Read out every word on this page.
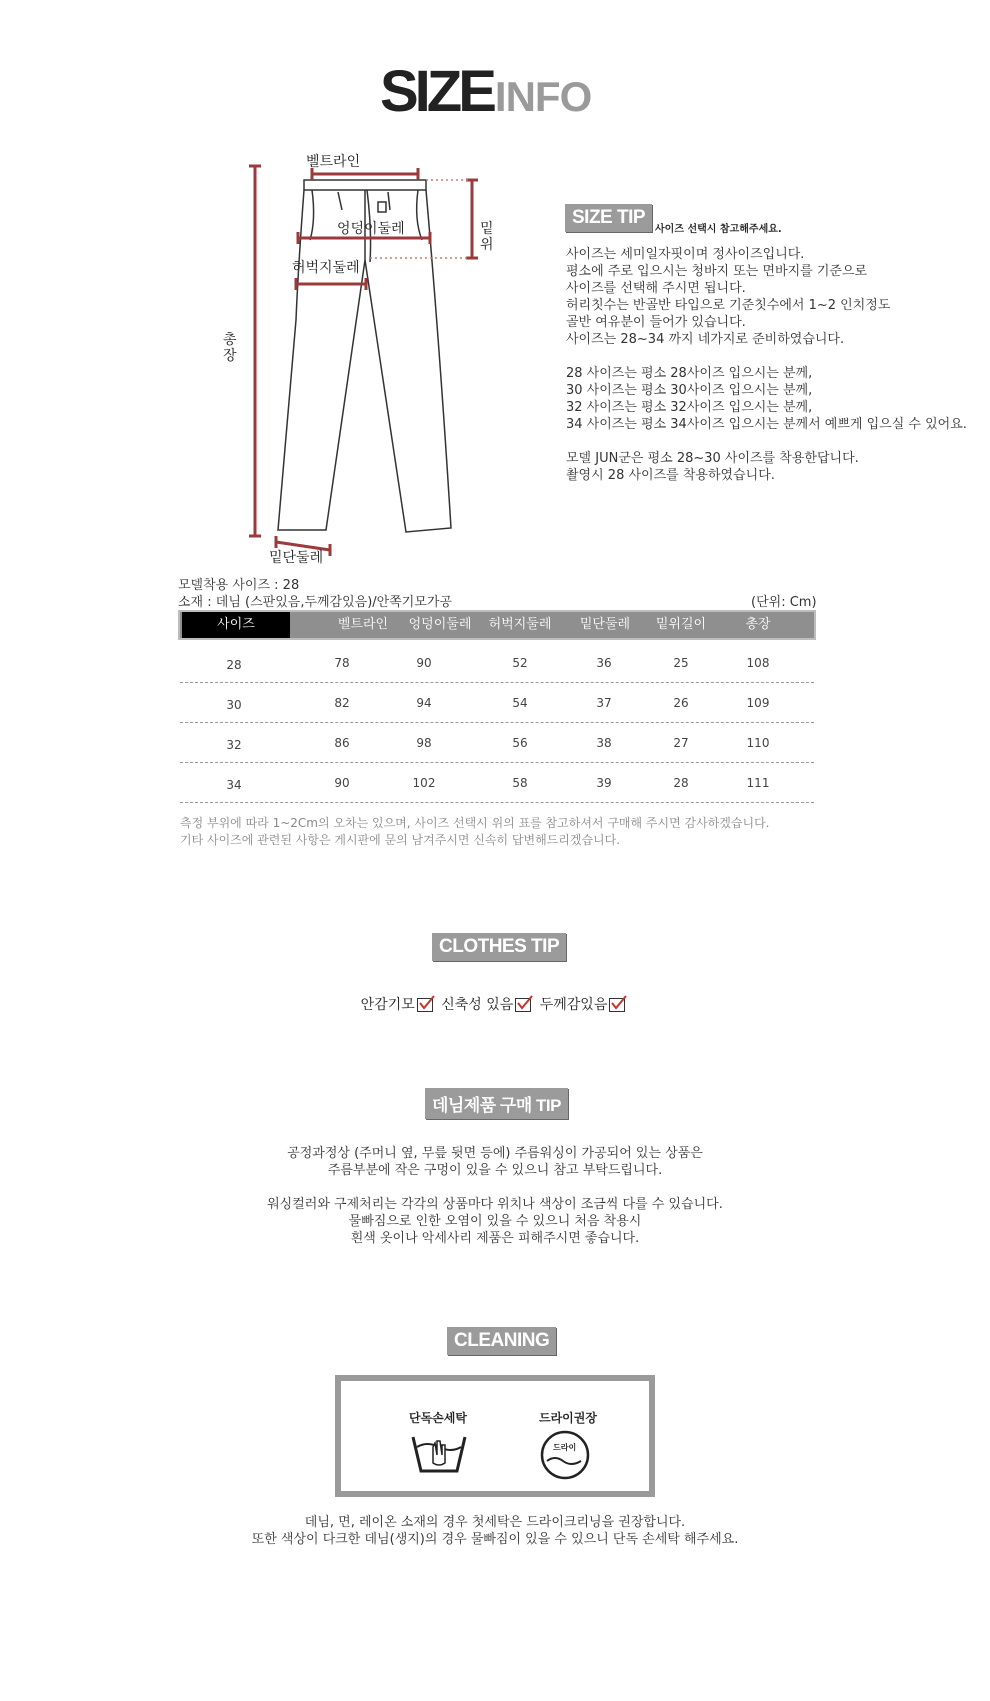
SIZEINFO
벨트라인
엉덩이둘레
허벅지둘레
밑
위
총
장
밑단둘레
SIZE TIP
사이즈 선택시 참고해주세요.
사이즈는 세미일자핏이며 정사이즈입니다.
평소에 주로 입으시는 청바지 또는 면바지를 기준으로
사이즈를 선택해 주시면 됩니다.
허리칫수는 반골반 타입으로 기준칫수에서 1~2 인치정도
골반 여유분이 들어가 있습니다.
사이즈는 28~34 까지 네가지로 준비하였습니다.

28 사이즈는 평소 28사이즈 입으시는 분께,
30 사이즈는 평소 30사이즈 입으시는 분께,
32 사이즈는 평소 32사이즈 입으시는 분께,
34 사이즈는 평소 34사이즈 입으시는 분께서 예쁘게 입으실 수 있어요.

모델 JUN군은 평소 28~30 사이즈를 착용한답니다.
촬영시 28 사이즈를 착용하였습니다.
모델착용 사이즈 : 28
소재 : 데님 (스판있음,두께감있음)/안쪽기모가공	(단위: Cm)
사이즈	벨트라인	엉덩이둘레	허벅지둘레	밑단둘레	밑위길이	총장
28	78	90	52	36	25	108
30	82	94	54	37	26	109
32	86	98	56	38	27	110
34	90	102	58	39	28	111
측정 부위에 따라 1~2Cm의 오차는 있으며, 사이즈 선택시 위의 표를 참고하셔서 구매해 주시면 감사하겠습니다.
기타 사이즈에 관련된 사항은 게시판에 문의 남겨주시면 신속히 답변해드리겠습니다.
CLOTHES TIP
안감기모 신축성 있음 두께감있음
데님제품 구매 TIP
공정과정상 (주머니 옆, 무릎 뒷면 등에) 주름워싱이 가공되어 있는 상품은
주름부분에 작은 구멍이 있을 수 있으니 참고 부탁드립니다.

워싱컬러와 구제처리는 각각의 상품마다 위치나 색상이 조금씩 다를 수 있습니다.
물빠짐으로 인한 오염이 있을 수 있으니 처음 착용시
흰색 옷이나 악세사리 제품은 피해주시면 좋습니다.
CLEANING
단독손세탁	드라이권장
드라이
데님, 면, 레이온 소재의 경우 첫세탁은 드라이크리닝을 권장합니다.
또한 색상이 다크한 데님(생지)의 경우 물빠짐이 있을 수 있으니 단독 손세탁 해주세요.
